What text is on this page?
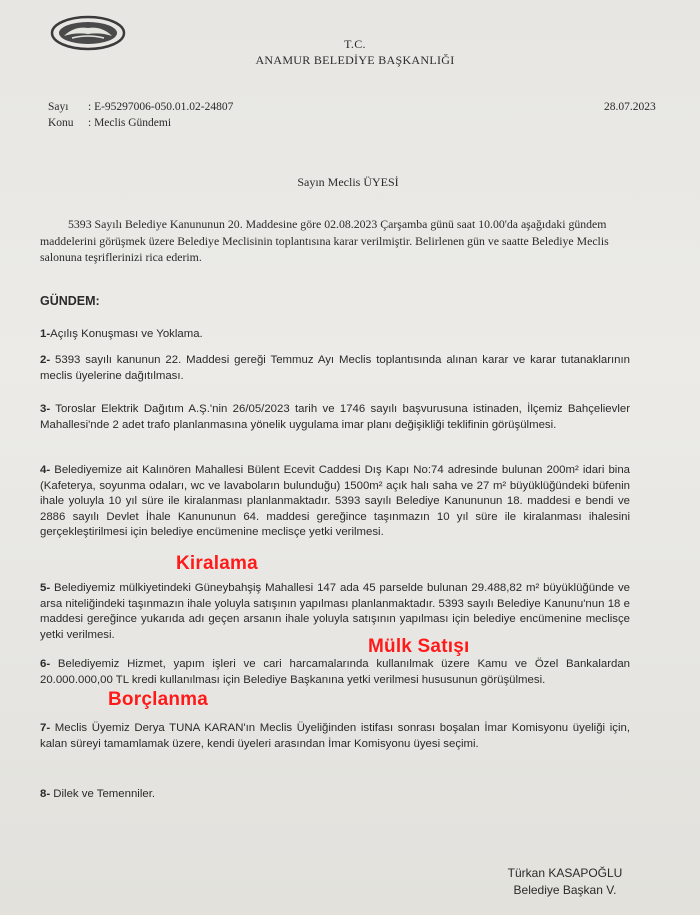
T.C.
ANAMUR BELEDİYE BAŞKANLIĞI
Sayı : E-95297006-050.01.02-24807
Konu : Meclis Gündemi
28.07.2023
Sayın Meclis ÜYESİ
5393 Sayılı Belediye Kanununun 20. Maddesine göre 02.08.2023 Çarşamba günü saat 10.00'da aşağıdaki gündem maddelerini görüşmek üzere Belediye Meclisinin toplantısına karar verilmiştir. Belirlenen gün ve saatte Belediye Meclis salonuna teşriflerinizi rica ederim.
GÜNDEM:
1-Açılış Konuşması ve Yoklama.
2- 5393 sayılı kanunun 22. Maddesi gereği Temmuz Ayı Meclis toplantısında alınan karar ve karar tutanaklarının meclis üyelerine dağıtılması.
3- Toroslar Elektrik Dağıtım A.Ş.'nin 26/05/2023 tarih ve 1746 sayılı başvurusuna istinaden, İlçemiz Bahçelievler Mahallesi'nde 2 adet trafo planlanmasına yönelik uygulama imar planı değişikliği teklifinin görüşülmesi.
4- Belediyemize ait Kalınören Mahallesi Bülent Ecevit Caddesi Dış Kapı No:74 adresinde bulunan 200m² idari bina (Kafeterya, soyunma odaları, wc ve lavaboların bulunduğu) 1500m² açık halı saha ve 27 m² büyüklüğündeki büfenin ihale yoluyla 10 yıl süre ile kiralanması planlanmaktadır. 5393 sayılı Belediye Kanununun 18. maddesi e bendi ve 2886 sayılı Devlet İhale Kanununun 64. maddesi gereğince taşınmazın 10 yıl süre ile kiralanması ihalesini gerçekleştirilmesi için belediye encümenine meclisçe yetki verilmesi.
5- Belediyemiz mülkiyetindeki Güneybahşiş Mahallesi 147 ada 45 parselde bulunan 29.488,82 m² büyüklüğünde ve arsa niteliğindeki taşınmazın ihale yoluyla satışının yapılması planlanmaktadır. 5393 sayılı Belediye Kanunu'nun 18 e maddesi gereğince yukarıda adı geçen arsanın ihale yoluyla satışının yapılması için belediye encümenine meclisçe yetki verilmesi.
6- Belediyemiz Hizmet, yapım işleri ve cari harcamalarında kullanılmak üzere Kamu ve Özel Bankalardan 20.000.000,00 TL kredi kullanılması için Belediye Başkanına yetki verilmesi hususunun görüşülmesi.
7- Meclis Üyemiz Derya TUNA KARAN'ın Meclis Üyeliğinden istifası sonrası boşalan İmar Komisyonu üyeliği için, kalan süreyi tamamlamak üzere, kendi üyeleri arasından İmar Komisyonu üyesi seçimi.
8- Dilek ve Temenniler.
Kiralama
Mülk Satışı
Borçlanma
Türkan KASAPOĞLU
Belediye Başkan V.
